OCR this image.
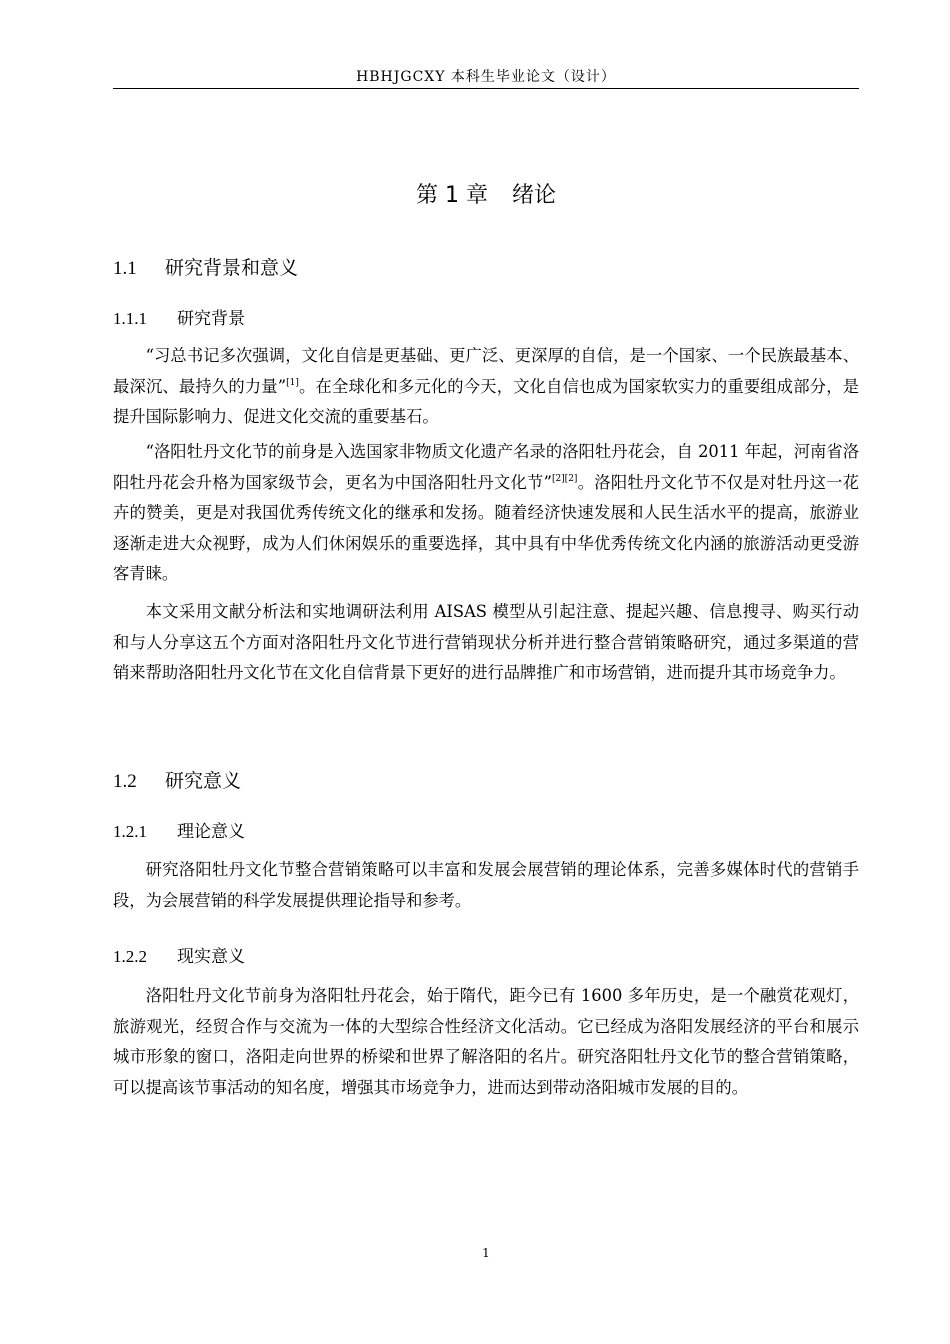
HBHJGCXY 本科生毕业论文（设计）
第 1 章 绪论
1.1 研究背景和意义
1.1.1 研究背景

“习总书记多次强调，文化自信是更基础、更广泛、更深厚的自信，是一个国家、一个民族最基本、最深沉、最持久的力量”[1]。在全球化和多元化的今天，文化自信也成为国家软实力的重要组成部分，是提升国际影响力、促进文化交流的重要基石。

“洛阳牡丹文化节的前身是入选国家非物质文化遗产名录的洛阳牡丹花会，自 2011 年起，河南省洛阳牡丹花会升格为国家级节会，更名为中国洛阳牡丹文化节”[2][2]。洛阳牡丹文化节不仅是对牡丹这一花卉的赞美，更是对我国优秀传统文化的继承和发扬。随着经济快速发展和人民生活水平的提高，旅游业逐渐走进大众视野，成为人们休闲娱乐的重要选择，其中具有中华优秀传统文化内涵的旅游活动更受游客青睐。

本文采用文献分析法和实地调研法利用 AISAS 模型从引起注意、提起兴趣、信息搜寻、购买行动和与人分享这五个方面对洛阳牡丹文化节进行营销现状分析并进行整合营销策略研究，通过多渠道的营销来帮助洛阳牡丹文化节在文化自信背景下更好的进行品牌推广和市场营销，进而提升其市场竞争力。

1.2 研究意义
1.2.1 理论意义

研究洛阳牡丹文化节整合营销策略可以丰富和发展会展营销的理论体系，完善多媒体时代的营销手段，为会展营销的科学发展提供理论指导和参考。

1.2.2 现实意义

洛阳牡丹文化节前身为洛阳牡丹花会，始于隋代，距今已有 1600 多年历史，是一个融赏花观灯，旅游观光，经贸合作与交流为一体的大型综合性经济文化活动。它已经成为洛阳发展经济的平台和展示城市形象的窗口，洛阳走向世界的桥梁和世界了解洛阳的名片。研究洛阳牡丹文化节的整合营销策略，可以提高该节事活动的知名度，增强其市场竞争力，进而达到带动洛阳城市发展的目的。

1
